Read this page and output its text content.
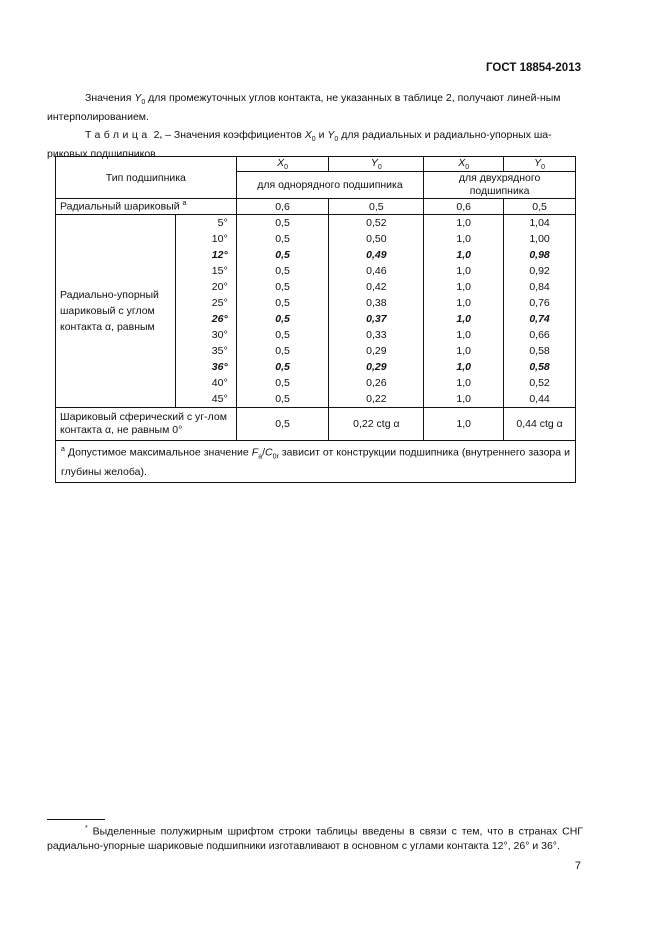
ГОСТ 18854-2013
Значения $Y_0$ для промежуточных углов контакта, не указанных в таблице 2, получают линей-ным интерполированием.
Таблица $2_*$ – Значения коэффициентов $X_0$ и $Y_0$ для радиальных и радиально-упорных ша-риковых подшипников
Тип подшипника		$X_0$	$Y_0$	$X_0$	$Y_0$
		для однорядного подшипника		для двухрядного подшипника	
Радиальный шариковый $^a$		0,6	0,5	0,6	0,5
Радиально-упорный шариковый с углом контакта α, равным	5°	0,5	0,52	1,0	1,04
	10°	0,5	0,50	1,0	1,00
	12°	0,5	0,49	1,0	0,98
	15°	0,5	0,46	1,0	0,92
	20°	0,5	0,42	1,0	0,84
	25°	0,5	0,38	1,0	0,76
	26°	0,5	0,37	1,0	0,74
	30°	0,5	0,33	1,0	0,66
	35°	0,5	0,29	1,0	0,58
	36°	0,5	0,29	1,0	0,58
	40°	0,5	0,26	1,0	0,52
	45°	0,5	0,22	1,0	0,44
Шариковый сферический с уг-лом контакта α, не равным 0°		0,5	0,22 ctg α	1,0	0,44 ctg α
$^a$ Допустимое максимальное значение $F_a/C_{0r}$ зависит от конструкции подшипника (внутреннего зазора и глубины желоба).					
* Выделенные полужирным шрифтом строки таблицы введены в связи с тем, что в странах СНГ радиально-упорные шариковые подшипники изготавливают в основном с углами контакта 12°, 26° и 36°.
7
